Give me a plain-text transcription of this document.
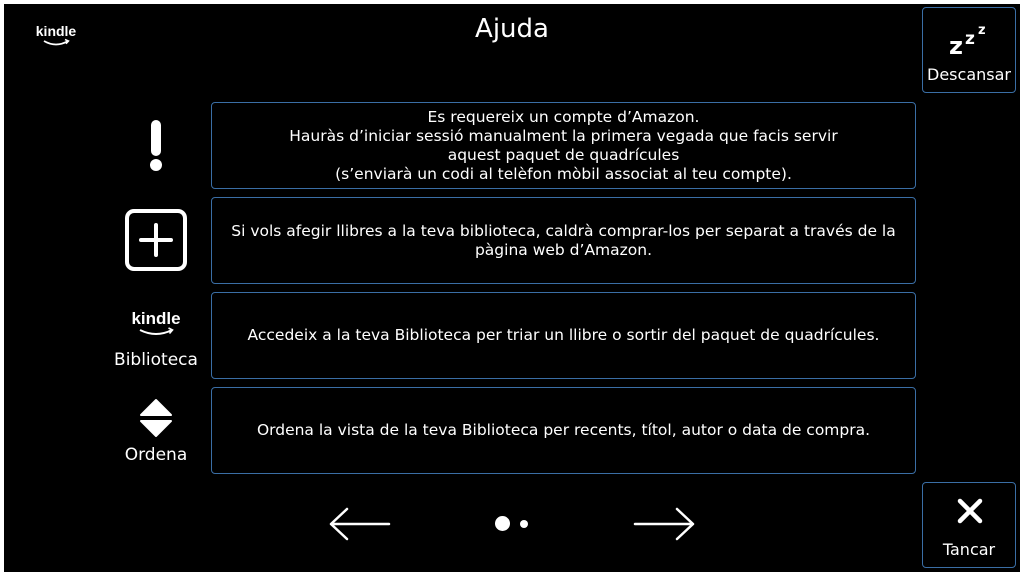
kindle	Ajuda
z z z
Descansar
Tancar
Es requereix un compte d’Amazon.
Hauràs d’iniciar sessió manualment la primera vegada que facis servir
aquest paquet de quadrícules
(s’enviarà un codi al telèfon mòbil associat al teu compte).
Si vols afegir llibres a la teva biblioteca, caldrà comprar-los per separat a través de la
pàgina web d’Amazon.
kindle
Biblioteca
Accedeix a la teva Biblioteca per triar un llibre o sortir del paquet de quadrícules.
Ordena
Ordena la vista de la teva Biblioteca per recents, títol, autor o data de compra.
